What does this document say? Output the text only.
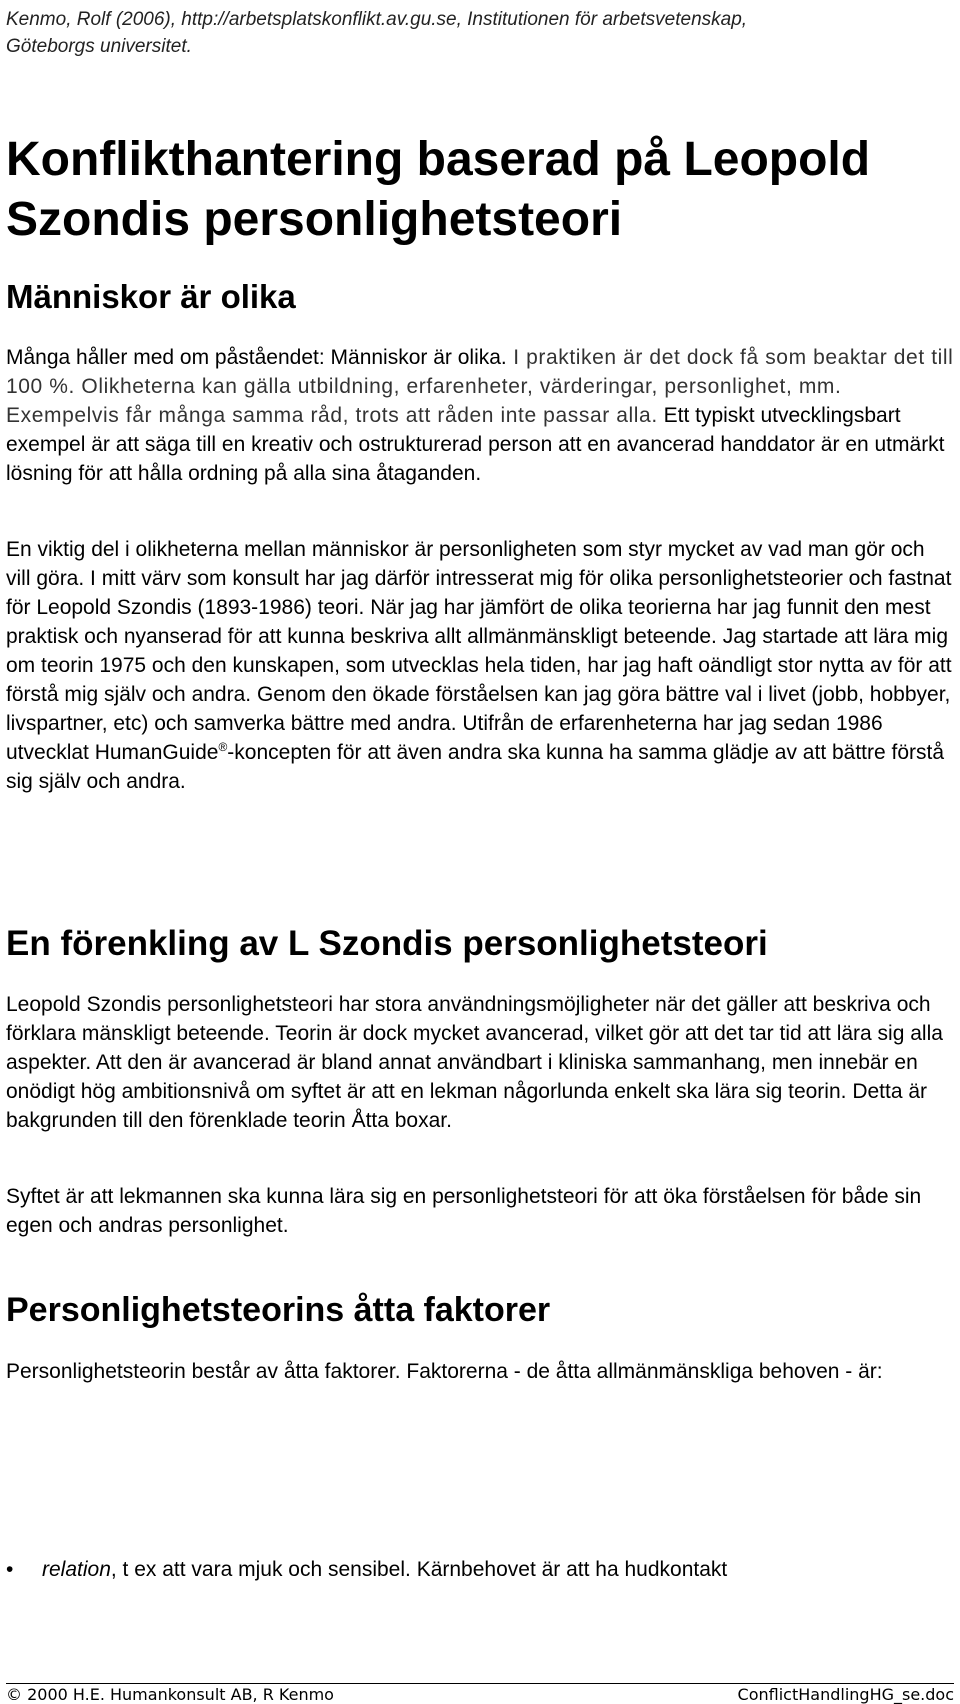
Kenmo, Rolf (2006), http://arbetsplatskonflikt.av.gu.se, Institutionen för arbetsvetenskap,
Göteborgs universitet.
Konflikthantering baserad på Leopold Szondis personlighetsteori
Människor är olika

Många håller med om påståendet: Människor är olika. I praktiken är det dock få som beaktar det till 100 %. Olikheterna kan gälla utbildning, erfarenheter, värderingar, personlighet, mm. Exempelvis får många samma råd, trots att råden inte passar alla. Ett typiskt utvecklingsbart exempel är att säga till en kreativ och ostrukturerad person att en avancerad handdator är en utmärkt lösning för att hålla ordning på alla sina åtaganden.

En viktig del i olikheterna mellan människor är personligheten som styr mycket av vad man gör och vill göra. I mitt värv som konsult har jag därför intresserat mig för olika personlighetsteorier och fastnat för Leopold Szondis (1893-1986) teori. När jag har jämfört de olika teorierna har jag funnit den mest praktisk och nyanserad för att kunna beskriva allt allmänmänskligt beteende. Jag startade att lära mig om teorin 1975 och den kunskapen, som utvecklas hela tiden, har jag haft oändligt stor nytta av för att förstå mig själv och andra. Genom den ökade förståelsen kan jag göra bättre val i livet (jobb, hobbyer, livspartner, etc) och samverka bättre med andra. Utifrån de erfarenheterna har jag sedan 1986 utvecklat HumanGuide®-koncepten för att även andra ska kunna ha samma glädje av att bättre förstå sig själv och andra.

En förenkling av L Szondis personlighetsteori

Leopold Szondis personlighetsteori har stora användningsmöjligheter när det gäller att beskriva och förklara mänskligt beteende. Teorin är dock mycket avancerad, vilket gör att det tar tid att lära sig alla aspekter. Att den är avancerad är bland annat användbart i kliniska sammanhang, men innebär en onödigt hög ambitionsnivå om syftet är att en lekman någorlunda enkelt ska lära sig teorin. Detta är bakgrunden till den förenklade teorin Åtta boxar.

Syftet är att lekmannen ska kunna lära sig en personlighetsteori för att öka förståelsen för både sin egen och andras personlighet.

Personlighetsteorins åtta faktorer

Personlighetsteorin består av åtta faktorer. Faktorerna - de åtta allmänmänskliga behoven - är:

•	relation, t ex att vara mjuk och sensibel. Kärnbehovet är att ha hudkontakt
© 2000 H.E. Humankonsult AB, R Kenmo	ConflictHandlingHG_se.doc
